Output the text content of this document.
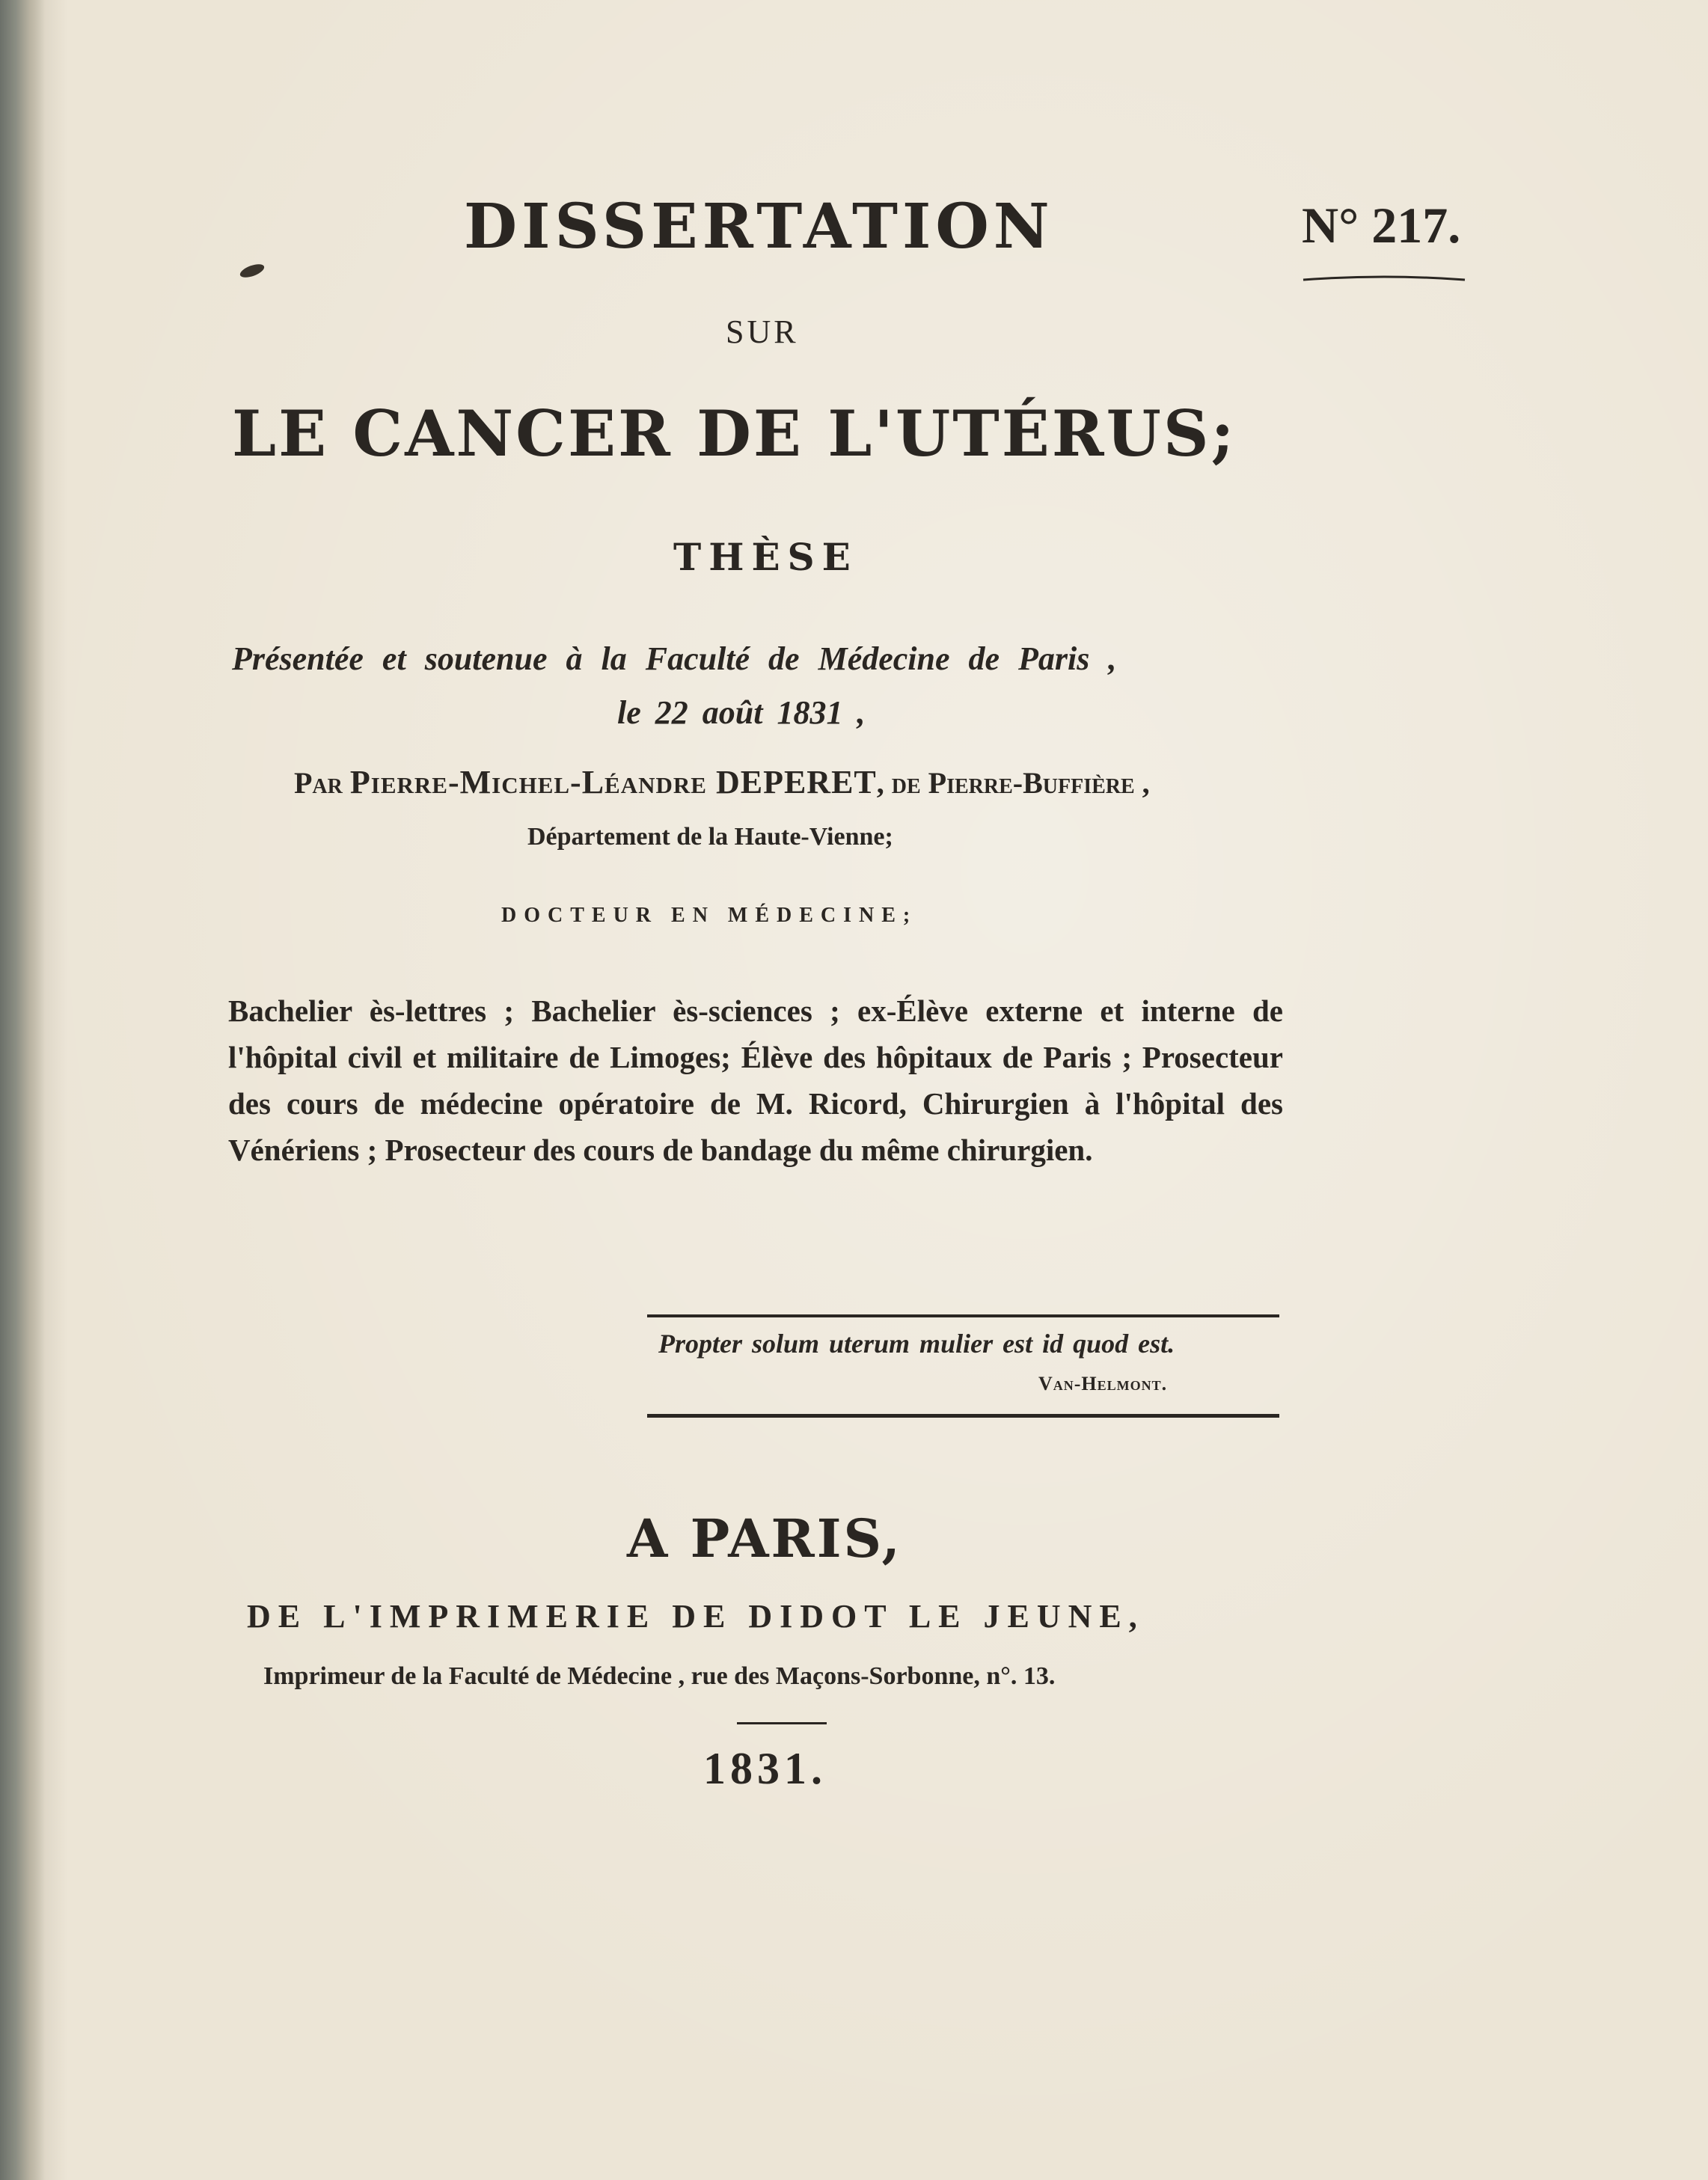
DISSERTATION	N° 217.
SUR
LE CANCER DE L'UTÉRUS;
THÈSE
Présentée et soutenue à la Faculté de Médecine de Paris ,
le 22 août 1831 ,
Par Pierre-Michel-Léandre DEPERET, de Pierre-Buffière ,
Département de la Haute-Vienne;
DOCTEUR EN MÉDECINE;
Bachelier ès-lettres ; Bachelier ès-sciences ; ex-Élève externe et interne de l'hôpital civil et militaire de Limoges; Élève des hôpitaux de Paris ; Prosecteur des cours de médecine opératoire de M. Ricord, Chirurgien à l'hôpital des Vénériens ; Prosecteur des cours de bandage du même chirurgien.
Propter solum uterum mulier est id quod est.
Van-Helmont.
A PARIS,
DE L'IMPRIMERIE DE DIDOT LE JEUNE,
Imprimeur de la Faculté de Médecine , rue des Maçons-Sorbonne, n°. 13.
1831.
